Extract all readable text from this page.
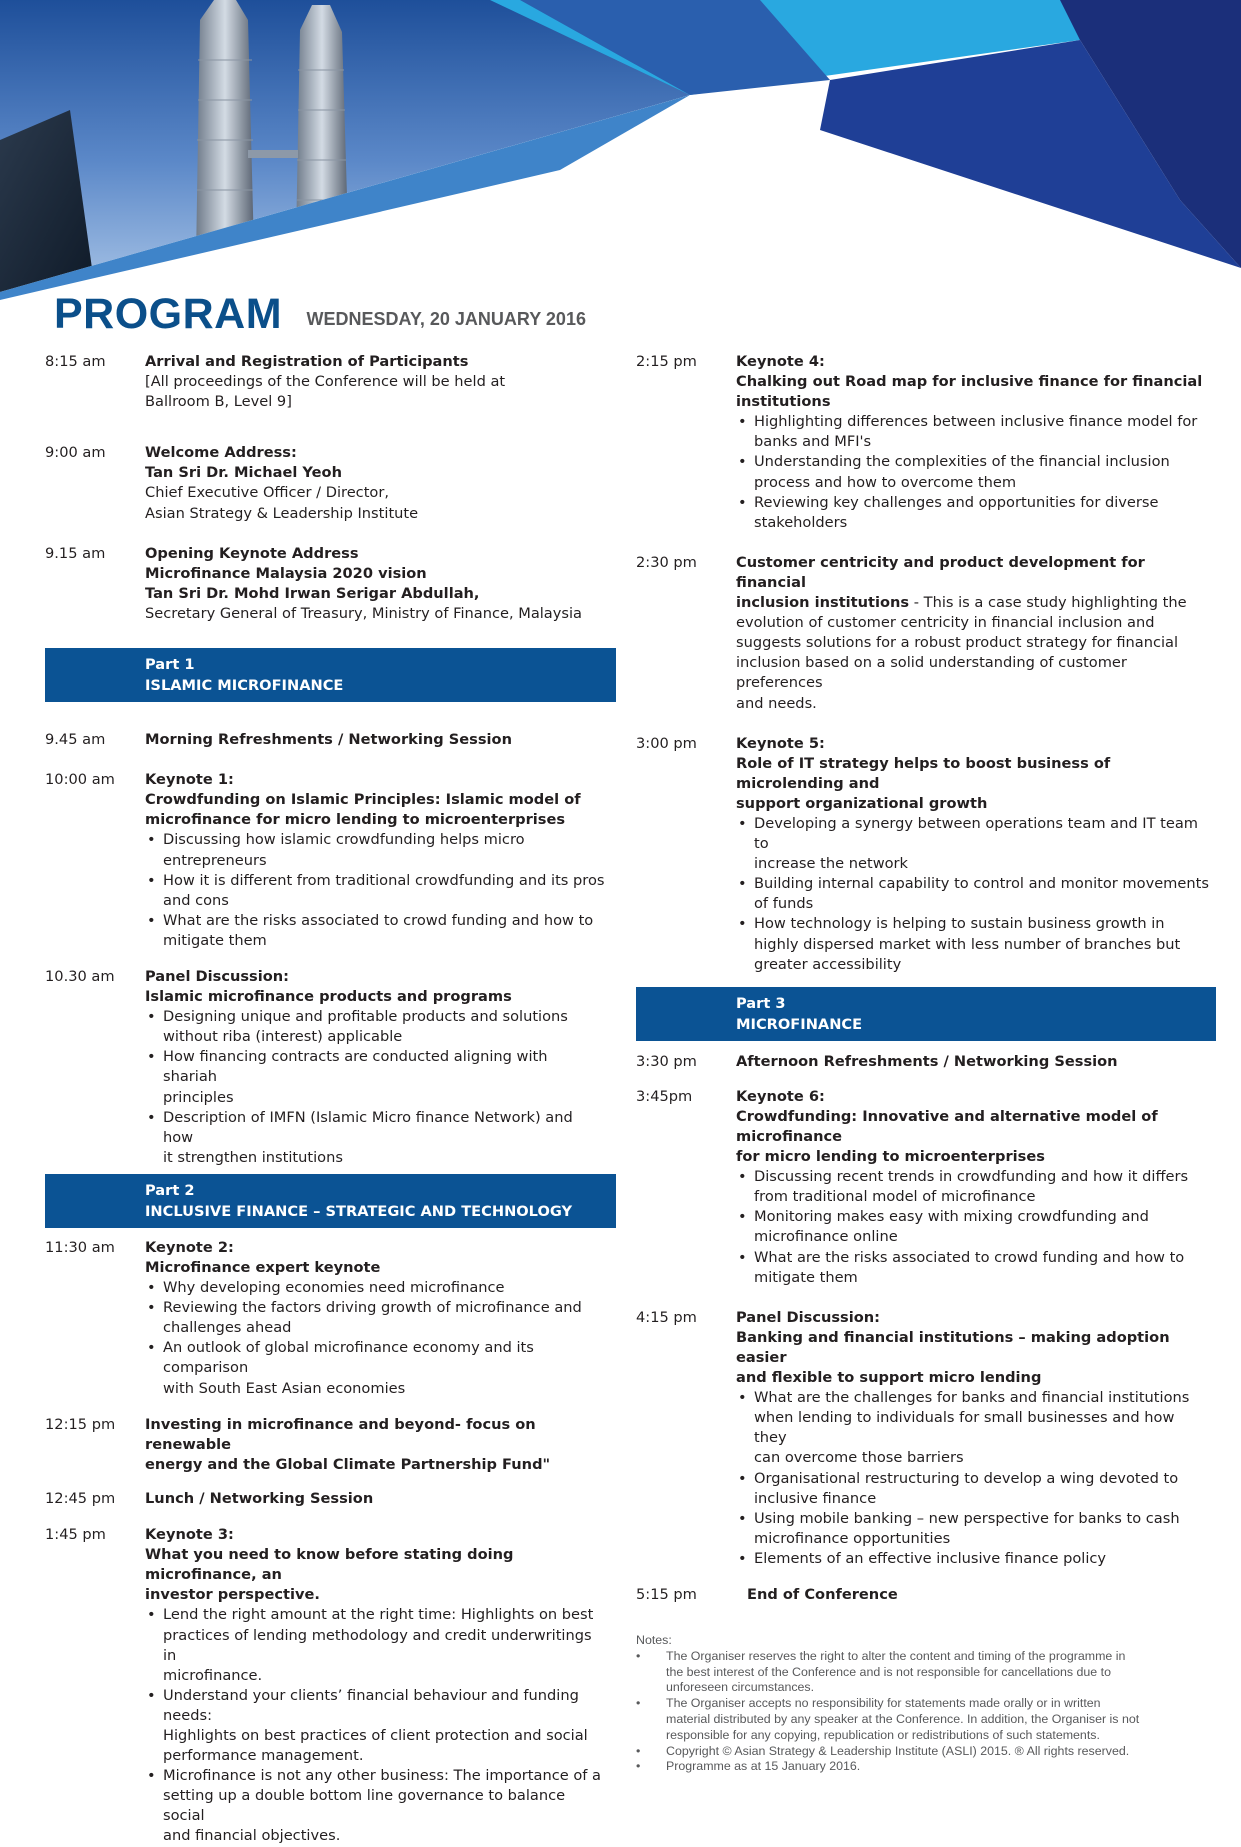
PROGRAM WEDNESDAY, 20 JANUARY 2016
8:15 am	Arrival and Registration of Participants
[All proceedings of the Conference will be held at
Ballroom B, Level 9]
9:00 am	Welcome Address:
Tan Sri Dr. Michael Yeoh
Chief Executive Officer / Director,
Asian Strategy & Leadership Institute
9.15 am	Opening Keynote Address
Microfinance Malaysia 2020 vision
Tan Sri Dr. Mohd Irwan Serigar Abdullah,
Secretary General of Treasury, Ministry of Finance, Malaysia
Part 1
ISLAMIC MICROFINANCE
9.45 am	Morning Refreshments / Networking Session
10:00 am	Keynote 1:
Crowdfunding on Islamic Principles: Islamic model of
microfinance for micro lending to microenterprises
• Discussing how islamic crowdfunding helps micro entrepreneurs
• How it is different from traditional crowdfunding and its pros
and cons
• What are the risks associated to crowd funding and how to
mitigate them
10.30 am	Panel Discussion:
Islamic microfinance products and programs
• Designing unique and profitable products and solutions
without riba (interest) applicable
• How financing contracts are conducted aligning with shariah
principles
• Description of IMFN (Islamic Micro finance Network) and how
it strengthen institutions
Part 2
INCLUSIVE FINANCE – STRATEGIC AND TECHNOLOGY
11:30 am	Keynote 2:
Microfinance expert keynote
• Why developing economies need microfinance
• Reviewing the factors driving growth of microfinance and
challenges ahead
• An outlook of global microfinance economy and its comparison
with South East Asian economies
12:15 pm	Investing in microfinance and beyond- focus on renewable
energy and the Global Climate Partnership Fund"
12:45 pm	Lunch / Networking Session
1:45 pm	Keynote 3:
What you need to know before stating doing microfinance, an
investor perspective.
• Lend the right amount at the right time: Highlights on best
practices of lending methodology and credit underwritings in
microfinance.
• Understand your clients’ financial behaviour and funding needs:
Highlights on best practices of client protection and social
performance management.
• Microfinance is not any other business: The importance of a
setting up a double bottom line governance to balance social
and financial objectives.
2:15 pm	Keynote 4:
Chalking out Road map for inclusive finance for financial
institutions
• Highlighting differences between inclusive finance model for
banks and MFI's
• Understanding the complexities of the financial inclusion
process and how to overcome them
• Reviewing key challenges and opportunities for diverse
stakeholders
2:30 pm	Customer centricity and product development for financial
inclusion institutions - This is a case study highlighting the
evolution of customer centricity in financial inclusion and
suggests solutions for a robust product strategy for financial
inclusion based on a solid understanding of customer preferences
and needs.
3:00 pm	Keynote 5:
Role of IT strategy helps to boost business of microlending and
support organizational growth
• Developing a synergy between operations team and IT team to
increase the network
• Building internal capability to control and monitor movements
of funds
• How technology is helping to sustain business growth in
highly dispersed market with less number of branches but
greater accessibility
Part 3
MICROFINANCE
3:30 pm	Afternoon Refreshments / Networking Session
3:45pm	Keynote 6:
Crowdfunding: Innovative and alternative model of microfinance
for micro lending to microenterprises
• Discussing recent trends in crowdfunding and how it differs
from traditional model of microfinance
• Monitoring makes easy with mixing crowdfunding and
microfinance online
• What are the risks associated to crowd funding and how to
mitigate them
4:15 pm	Panel Discussion:
Banking and financial institutions – making adoption easier
and flexible to support micro lending
• What are the challenges for banks and financial institutions
when lending to individuals for small businesses and how they
can overcome those barriers
• Organisational restructuring to develop a wing devoted to
inclusive finance
• Using mobile banking – new perspective for banks to cash
microfinance opportunities
• Elements of an effective inclusive finance policy
5:15 pm	End of Conference
Notes:
• The Organiser reserves the right to alter the content and timing of the programme in
the best interest of the Conference and is not responsible for cancellations due to
unforeseen circumstances.
• The Organiser accepts no responsibility for statements made orally or in written
material distributed by any speaker at the Conference. In addition, the Organiser is not
responsible for any copying, republication or redistributions of such statements.
• Copyright © Asian Strategy & Leadership Institute (ASLI) 2015. ® All rights reserved.
• Programme as at 15 January 2016.
